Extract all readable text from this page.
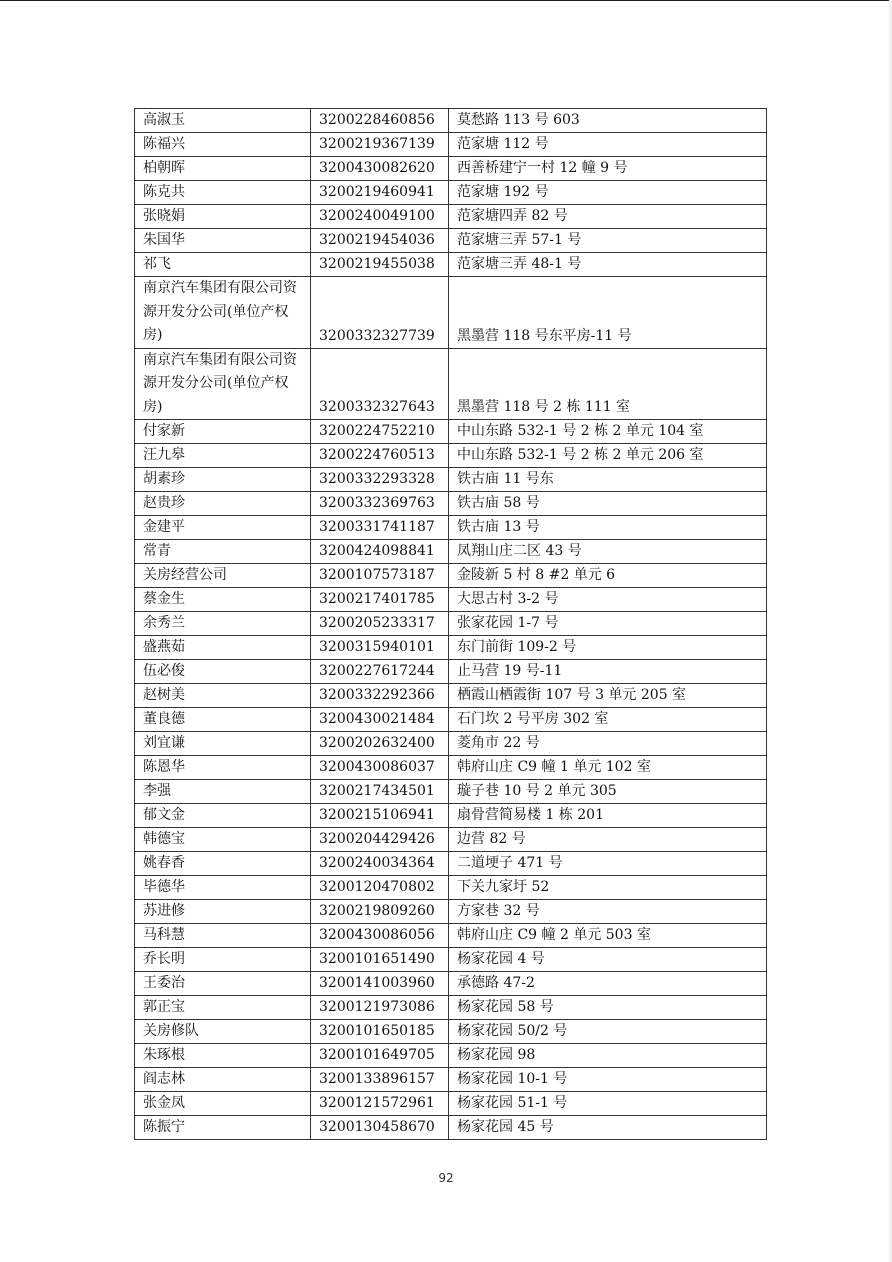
高淑玉	3200228460856	莫愁路 113 号 603
陈福兴	3200219367139	范家塘 112 号
柏朝晖	3200430082620	西善桥建宁一村 12 幢 9 号
陈克共	3200219460941	范家塘 192 号
张晓娟	3200240049100	范家塘四弄 82 号
朱国华	3200219454036	范家塘三弄 57-1 号
祁飞	3200219455038	范家塘三弄 48-1 号
南京汽车集团有限公司资源开发分公司(单位产权房)	3200332327739	黑墨营 118 号东平房-11 号
南京汽车集团有限公司资源开发分公司(单位产权房)	3200332327643	黑墨营 118 号 2 栋 111 室
付家新	3200224752210	中山东路 532-1 号 2 栋 2 单元 104 室
汪九皋	3200224760513	中山东路 532-1 号 2 栋 2 单元 206 室
胡素珍	3200332293328	铁古庙 11 号东
赵贵珍	3200332369763	铁古庙 58 号
金建平	3200331741187	铁古庙 13 号
常青	3200424098841	凤翔山庄二区 43 号
关房经营公司	3200107573187	金陵新 5 村 8 #2 单元 6
蔡金生	3200217401785	大思古村 3-2 号
余秀兰	3200205233317	张家花园 1-7 号
盛燕茹	3200315940101	东门前街 109-2 号
伍必俊	3200227617244	止马营 19 号-11
赵树美	3200332292366	栖霞山栖霞街 107 号 3 单元 205 室
董良德	3200430021484	石门坎 2 号平房 302 室
刘宜谦	3200202632400	菱角市 22 号
陈恩华	3200430086037	韩府山庄 C9 幢 1 单元 102 室
李强	3200217434501	璇子巷 10 号 2 单元 305
郁文金	3200215106941	扇骨营简易楼 1 栋 201
韩德宝	3200204429426	边营 82 号
姚春香	3200240034364	二道埂子 471 号
毕德华	3200120470802	下关九家圩 52
苏进修	3200219809260	方家巷 32 号
马科慧	3200430086056	韩府山庄 C9 幢 2 单元 503 室
乔长明	3200101651490	杨家花园 4 号
王委治	3200141003960	承德路 47-2
郭正宝	3200121973086	杨家花园 58 号
关房修队	3200101650185	杨家花园 50/2 号
朱琢根	3200101649705	杨家花园 98
阎志林	3200133896157	杨家花园 10-1 号
张金凤	3200121572961	杨家花园 51-1 号
陈振宁	3200130458670	杨家花园 45 号
92
